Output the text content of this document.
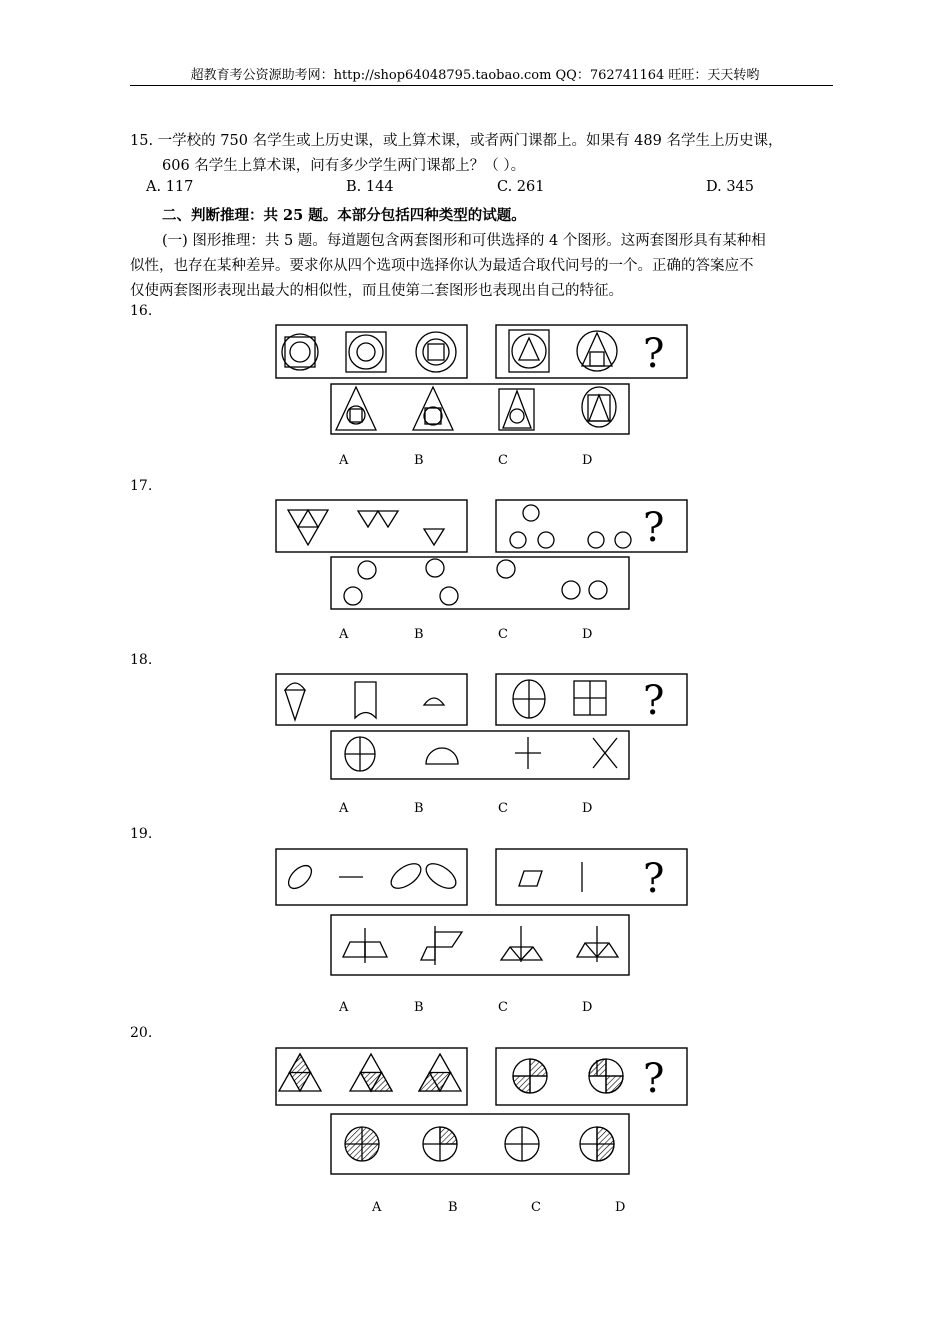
超教育考公资源助考网：http://shop64048795.taobao.com QQ：762741164 旺旺：天天转哟
15. 一学校的 750 名学生或上历史课，或上算术课，或者两门课都上。如果有 489 名学生上历史课，
606 名学生上算术课，问有多少学生两门课都上？（ ）。
A. 117	B. 144	C. 261	D. 345
二、判断推理：共 25 题。本部分包括四种类型的试题。
(一) 图形推理：共 5 题。每道题包含两套图形和可供选择的 4 个图形。这两套图形具有某种相
似性，也存在某种差异。要求你从四个选项中选择你认为最适合取代问号的一个。正确的答案应不
仅使两套图形表现出最大的相似性，而且使第二套图形也表现出自己的特征。
16.
?
A	B	C	D
17.
?
A	B	C	D
18.
?
A	B	C	D
19.
?
A	B	C	D
20.
?
A	B	C	D
